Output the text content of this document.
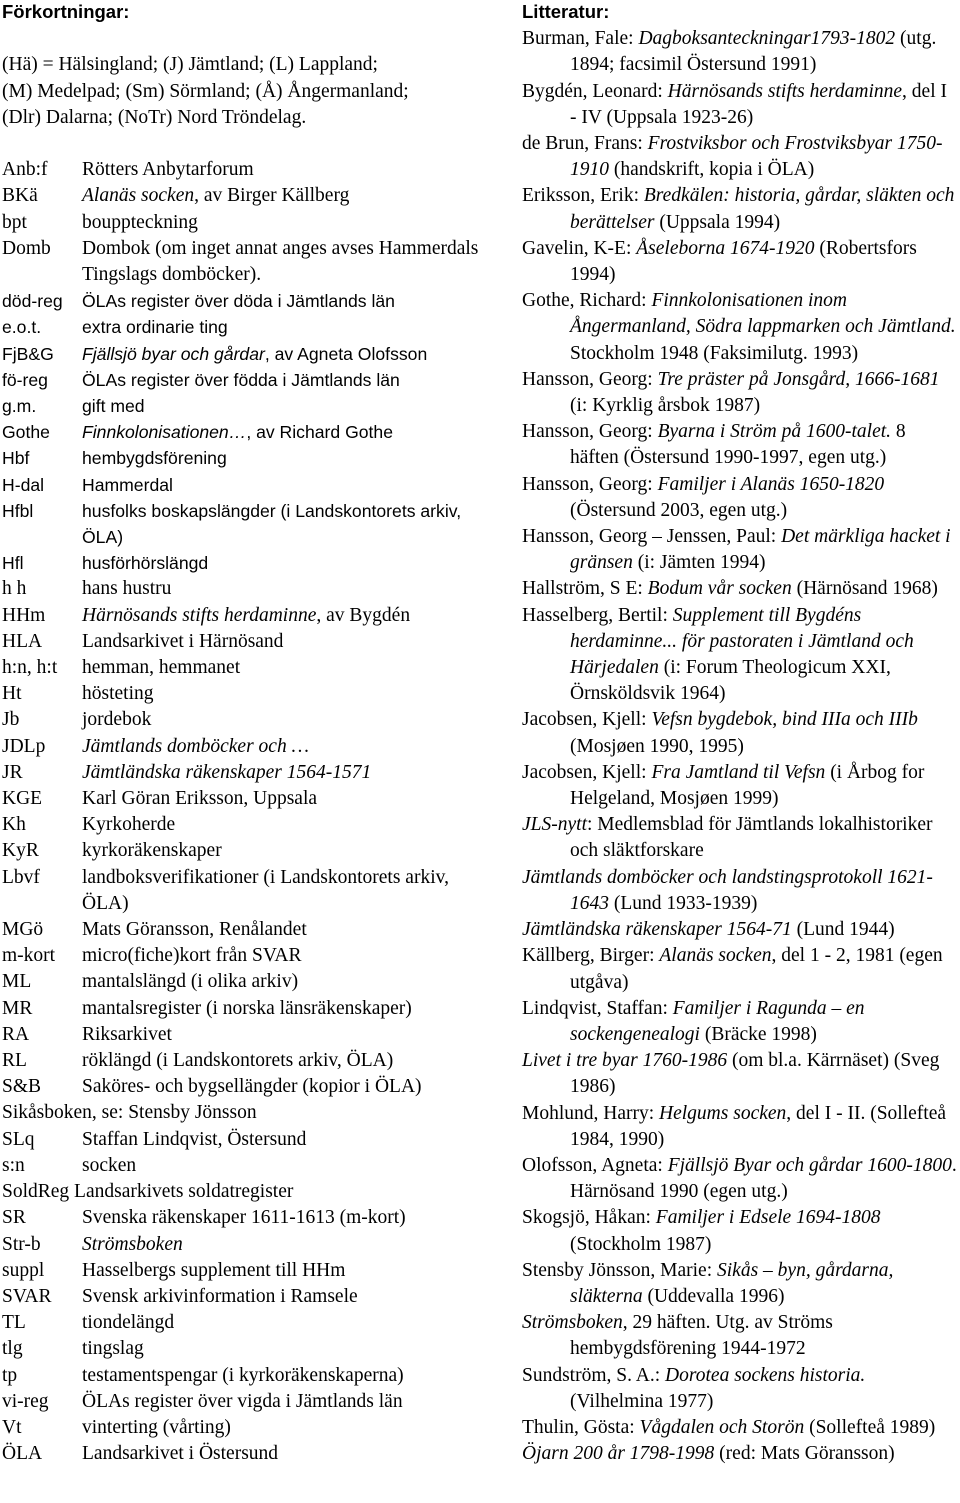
Förkortningar:
(Hä) = Hälsingland; (J) Jämtland; (L) Lappland;
(M) Medelpad; (Sm) Sörmland; (Å) Ångermanland;
(Dlr) Dalarna; (NoTr) Nord Tröndelag.
Anb:f	Rötters Anbytarforum
BKä	Alanäs socken, av Birger Källberg
bpt	bouppteckning
Domb	Dombok (om inget annat anges avses Hammerdals Tingslags domböcker).
död-reg	ÖLAs register över döda i Jämtlands län
e.o.t.	extra ordinarie ting
FjB&G	Fjällsjö byar och gårdar, av Agneta Olofsson
fö-reg	ÖLAs register över födda i Jämtlands län
g.m.	gift med
Gothe	Finnkolonisationen…, av Richard Gothe
Hbf	hembygdsförening
H-dal	Hammerdal
Hfbl	husfolks boskapslängder (i Landskontorets arkiv, ÖLA)
Hfl	husförhörslängd
h h	hans hustru
HHm	Härnösands stifts herdaminne, av Bygdén
HLA	Landsarkivet i Härnösand
h:n, h:t	hemman, hemmanet
Ht	hösteting
Jb	jordebok
JDLp	Jämtlands domböcker och …
JR	Jämtländska räkenskaper 1564-1571
KGE	Karl Göran Eriksson, Uppsala
Kh	Kyrkoherde
KyR	kyrkoräkenskaper
Lbvf	landboksverifikationer (i Landskontorets arkiv, ÖLA)
MGö	Mats Göransson, Renålandet
m-kort	micro(fiche)kort från SVAR
ML	mantalslängd (i olika arkiv)
MR	mantalsregister (i norska länsräkenskaper)
RA	Riksarkivet
RL	röklängd (i Landskontorets arkiv, ÖLA)
S&B	Saköres- och bygsellängder (kopior i ÖLA)
Sikåsboken, se: Stensby Jönsson
SLq	Staffan Lindqvist, Östersund
s:n	socken
SoldReg Landsarkivets soldatregister
SR	Svenska räkenskaper 1611-1613 (m-kort)
Str-b	Strömsboken
suppl	Hasselbergs supplement till HHm
SVAR	Svensk arkivinformation i Ramsele
TL	tiondelängd
tlg	tingslag
tp	testamentspengar (i kyrkoräkenskaperna)
vi-reg	ÖLAs register över vigda i Jämtlands län
Vt	vinterting (vårting)
ÖLA	Landsarkivet i Östersund
Litteratur:
Burman, Fale: Dagboksanteckningar1793-1802 (utg. 1894; facsimil Östersund 1991)
Bygdén, Leonard: Härnösands stifts herdaminne, del I - IV (Uppsala 1923-26)
de Brun, Frans: Frostviksbor och Frostviksbyar 1750-1910 (handskrift, kopia i ÖLA)
Eriksson, Erik: Bredkälen: historia, gårdar, släkten och berättelser (Uppsala 1994)
Gavelin, K-E: Åseleborna 1674-1920 (Robertsfors 1994)
Gothe, Richard: Finnkolonisationen inom Ångermanland, Södra lappmarken och Jämtland. Stockholm 1948 (Faksimilutg. 1993)
Hansson, Georg: Tre präster på Jonsgård, 1666-1681 (i: Kyrklig årsbok 1987)
Hansson, Georg: Byarna i Ström på 1600-talet. 8 häften (Östersund 1990-1997, egen utg.)
Hansson, Georg: Familjer i Alanäs 1650-1820 (Östersund 2003, egen utg.)
Hansson, Georg – Jenssen, Paul: Det märkliga hacket i gränsen (i: Jämten 1994)
Hallström, S E: Bodum vår socken (Härnösand 1968)
Hasselberg, Bertil: Supplement till Bygdéns herdaminne... för pastoraten i Jämtland och Härjedalen (i: Forum Theologicum XXI, Örnsköldsvik 1964)
Jacobsen, Kjell: Vefsn bygdebok, bind IIIa och IIIb (Mosjøen 1990, 1995)
Jacobsen, Kjell: Fra Jamtland til Vefsn (i Årbog for Helgeland, Mosjøen 1999)
JLS-nytt: Medlemsblad för Jämtlands lokalhistoriker och släktforskare
Jämtlands domböcker och landstingsprotokoll 1621-1643 (Lund 1933-1939)
Jämtländska räkenskaper 1564-71 (Lund 1944)
Källberg, Birger: Alanäs socken, del 1 - 2, 1981 (egen utgåva)
Lindqvist, Staffan: Familjer i Ragunda – en sockengenealogi (Bräcke 1998)
Livet i tre byar 1760-1986 (om bl.a. Kärrnäset) (Sveg 1986)
Mohlund, Harry: Helgums socken, del I - II. (Sollefteå 1984, 1990)
Olofsson, Agneta: Fjällsjö Byar och gårdar 1600-1800. Härnösand 1990 (egen utg.)
Skogsjö, Håkan: Familjer i Edsele 1694-1808 (Stockholm 1987)
Stensby Jönsson, Marie: Sikås – byn, gårdarna, släkterna (Uddevalla 1996)
Strömsboken, 29 häften. Utg. av Ströms hembygdsförening 1944-1972
Sundström, S. A.: Dorotea sockens historia. (Vilhelmina 1977)
Thulin, Gösta: Vågdalen och Storön (Sollefteå 1989)
Öjarn 200 år 1798-1998 (red: Mats Göransson)
